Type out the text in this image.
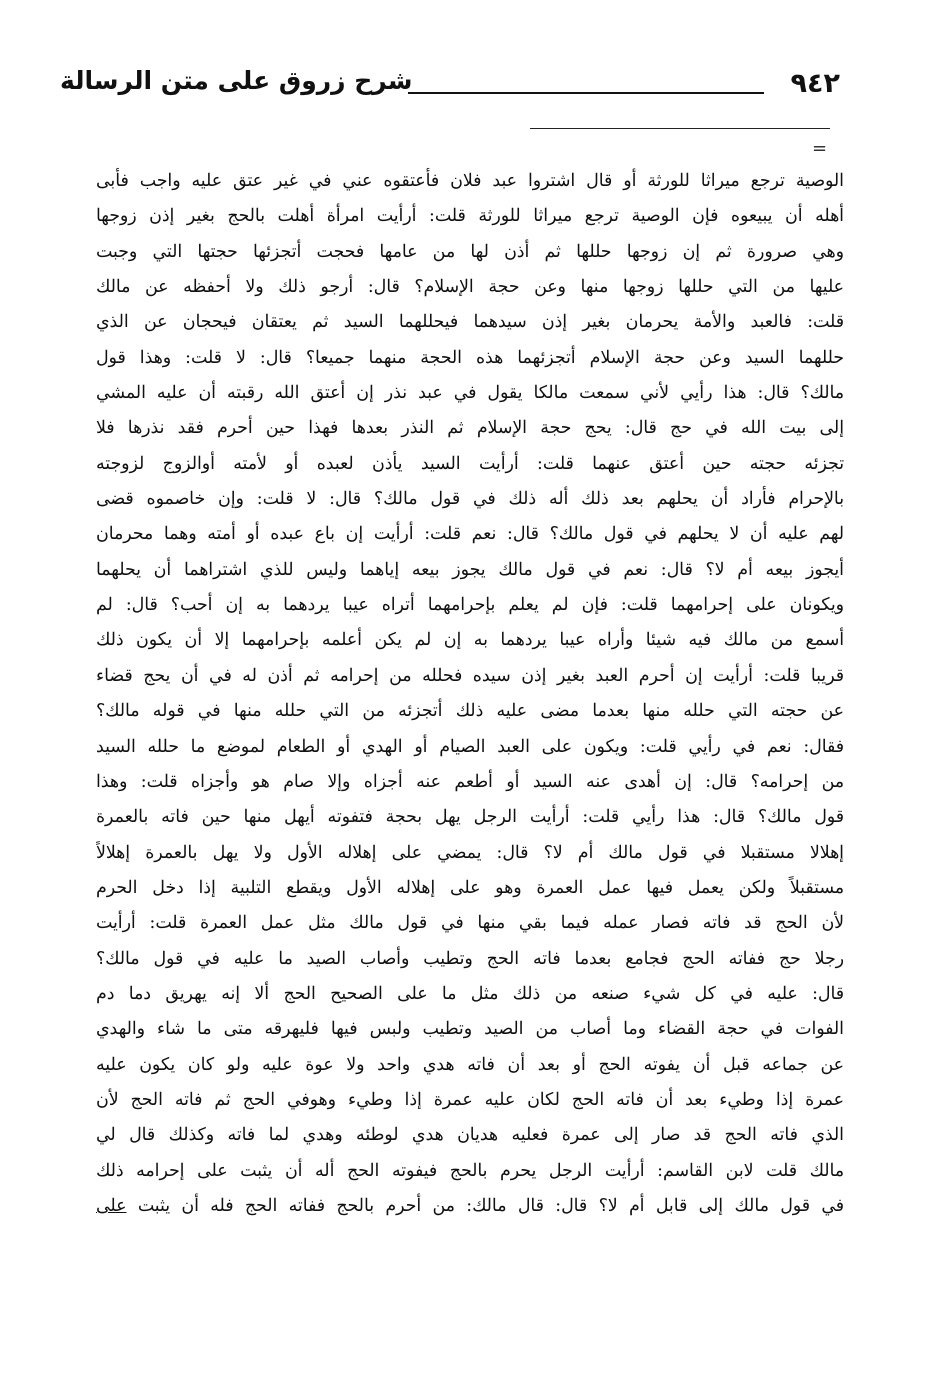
٩٤٢
شرح زروق على متن الرسالة
=
الوصية ترجع ميراثا للورثة أو قال اشتروا عبد فلان فأعتقوه عني في غير عتق عليه واجب فأبى
أهله أن يبيعوه فإن الوصية ترجع ميراثا للورثة قلت: أرأيت امرأة أهلت بالحج بغير إذن زوجها
وهي صرورة ثم إن زوجها حللها ثم أذن لها من عامها فحجت أتجزئها حجتها التي وجبت
عليها من التي حللها زوجها منها وعن حجة الإسلام؟ قال: أرجو ذلك ولا أحفظه عن مالك
قلت: فالعبد والأمة يحرمان بغير إذن سيدهما فيحللهما السيد ثم يعتقان فيحجان عن الذي
حللهما السيد وعن حجة الإسلام أتجزئهما هذه الحجة منهما جميعا؟ قال: لا قلت: وهذا قول
مالك؟ قال: هذا رأيي لأني سمعت مالكا يقول في عبد نذر إن أعتق الله رقبته أن عليه المشي
إلى بيت الله في حج قال: يحج حجة الإسلام ثم النذر بعدها فهذا حين أحرم فقد نذرها فلا
تجزئه حجته حين أعتق عنهما قلت: أرأيت السيد يأذن لعبده أو لأمته أوالزوج لزوجته
بالإحرام فأراد أن يحلهم بعد ذلك أله ذلك في قول مالك؟ قال: لا قلت: وإن خاصموه قضى
لهم عليه أن لا يحلهم في قول مالك؟ قال: نعم قلت: أرأيت إن باع عبده أو أمته وهما محرمان
أيجوز بيعه أم لا؟ قال: نعم في قول مالك يجوز بيعه إياهما وليس للذي اشتراهما أن يحلهما
ويكونان على إحرامهما قلت: فإن لم يعلم بإحرامهما أتراه عيبا يردهما به إن أحب؟ قال: لم
أسمع من مالك فيه شيئا وأراه عيبا يردهما به إن لم يكن أعلمه بإحرامهما إلا أن يكون ذلك
قريبا قلت: أرأيت إن أحرم العبد بغير إذن سيده فحلله من إحرامه ثم أذن له في أن يحج قضاء
عن حجته التي حلله منها بعدما مضى عليه ذلك أتجزئه من التي حلله منها في قوله مالك؟
فقال: نعم في رأيي قلت: ويكون على العبد الصيام أو الهدي أو الطعام لموضع ما حلله السيد
من إحرامه؟ قال: إن أهدى عنه السيد أو أطعم عنه أجزاه وإلا صام هو وأجزاه قلت: وهذا
قول مالك؟ قال: هذا رأيي قلت: أرأيت الرجل يهل بحجة فتفوته أيهل منها حين فاته بالعمرة
إهلالا مستقبلا في قول مالك أم لا؟ قال: يمضي على إهلاله الأول ولا يهل بالعمرة إهلالاً
مستقبلاً ولكن يعمل فيها عمل العمرة وهو على إهلاله الأول ويقطع التلبية إذا دخل الحرم
لأن الحج قد فاته فصار عمله فيما بقي منها في قول مالك مثل عمل العمرة قلت: أرأيت
رجلا حج ففاته الحج فجامع بعدما فاته الحج وتطيب وأصاب الصيد ما عليه في قول مالك؟
قال: عليه في كل شيء صنعه من ذلك مثل ما على الصحيح الحج ألا إنه يهريق دما دم
الفوات في حجة القضاء وما أصاب من الصيد وتطيب ولبس فيها فليهرقه متى ما شاء والهدي
عن جماعه قبل أن يفوته الحج أو بعد أن فاته هدي واحد ولا عوة عليه ولو كان يكون عليه
عمرة إذا وطيء بعد أن فاته الحج لكان عليه عمرة إذا وطيء وهوفي الحج ثم فاته الحج لأن
الذي فاته الحج قد صار إلى عمرة فعليه هديان هدي لوطئه وهدي لما فاته وكذلك قال لي
مالك قلت لابن القاسم: أرأيت الرجل يحرم بالحج فيفوته الحج أله أن يثبت على إحرامه ذلك
في قول مالك إلى قابل أم لا؟ قال: قال مالك: من أحرم بالحج ففاته الحج فله أن يثبت على
